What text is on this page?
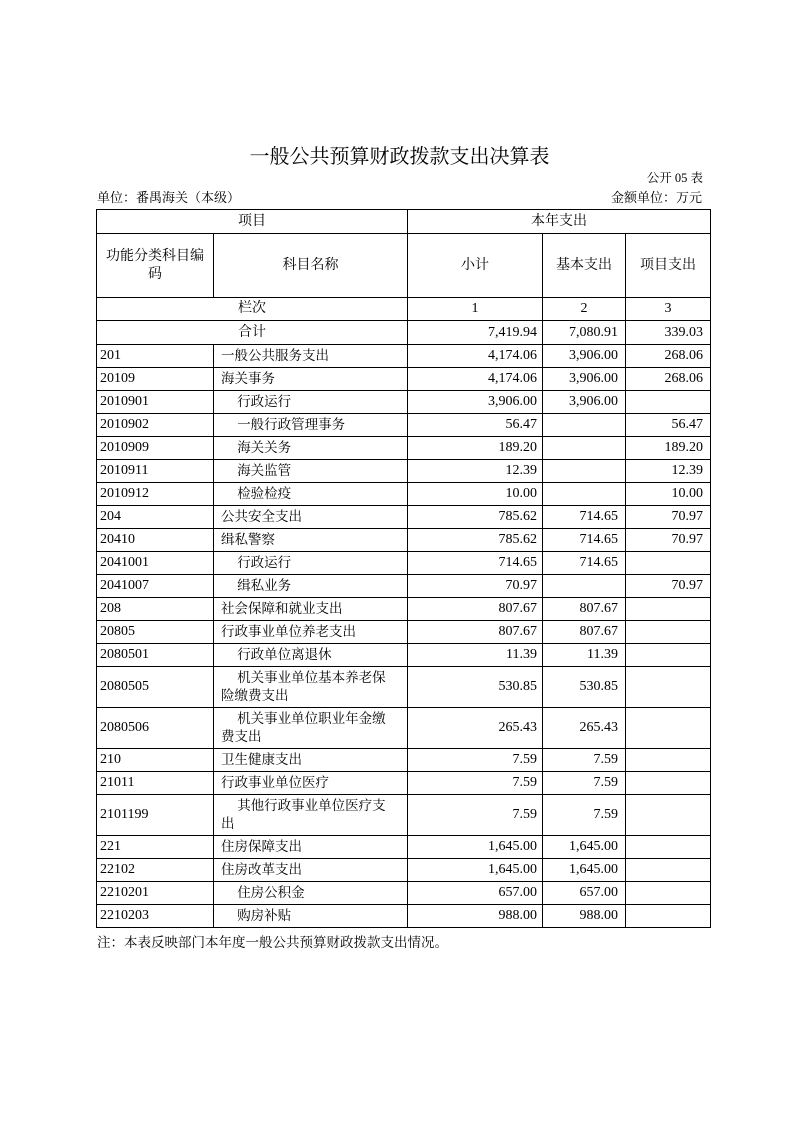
一般公共预算财政拨款支出决算表
公开 05 表
单位：番禺海关（本级）	金额单位：万元
项目		本年支出		

功能分类科目编码	科目名称	小计	基本支出	项目支出
栏次		1	2	3
合计		7,419.94	7,080.91	339.03
201	一般公共服务支出	4,174.06	3,906.00	268.06
20109	海关事务	4,174.06	3,906.00	268.06
2010901	行政运行	3,906.00	3,906.00	
2010902	一般行政管理事务	56.47		56.47
2010909	海关关务	189.20		189.20
2010911	海关监管	12.39		12.39
2010912	检验检疫	10.00		10.00
204	公共安全支出	785.62	714.65	70.97
20410	缉私警察	785.62	714.65	70.97
2041001	行政运行	714.65	714.65	
2041007	缉私业务	70.97		70.97
208	社会保障和就业支出	807.67	807.67	
20805	行政事业单位养老支出	807.67	807.67	
2080501	行政单位离退休	11.39	11.39	
2080505	机关事业单位基本养老保险缴费支出	530.85	530.85	
2080506	机关事业单位职业年金缴费支出	265.43	265.43	
210	卫生健康支出	7.59	7.59	
21011	行政事业单位医疗	7.59	7.59	
2101199	其他行政事业单位医疗支出	7.59	7.59	
221	住房保障支出	1,645.00	1,645.00	
22102	住房改革支出	1,645.00	1,645.00	
2210201	住房公积金	657.00	657.00	
2210203	购房补贴	988.00	988.00	
注：本表反映部门本年度一般公共预算财政拨款支出情况。
